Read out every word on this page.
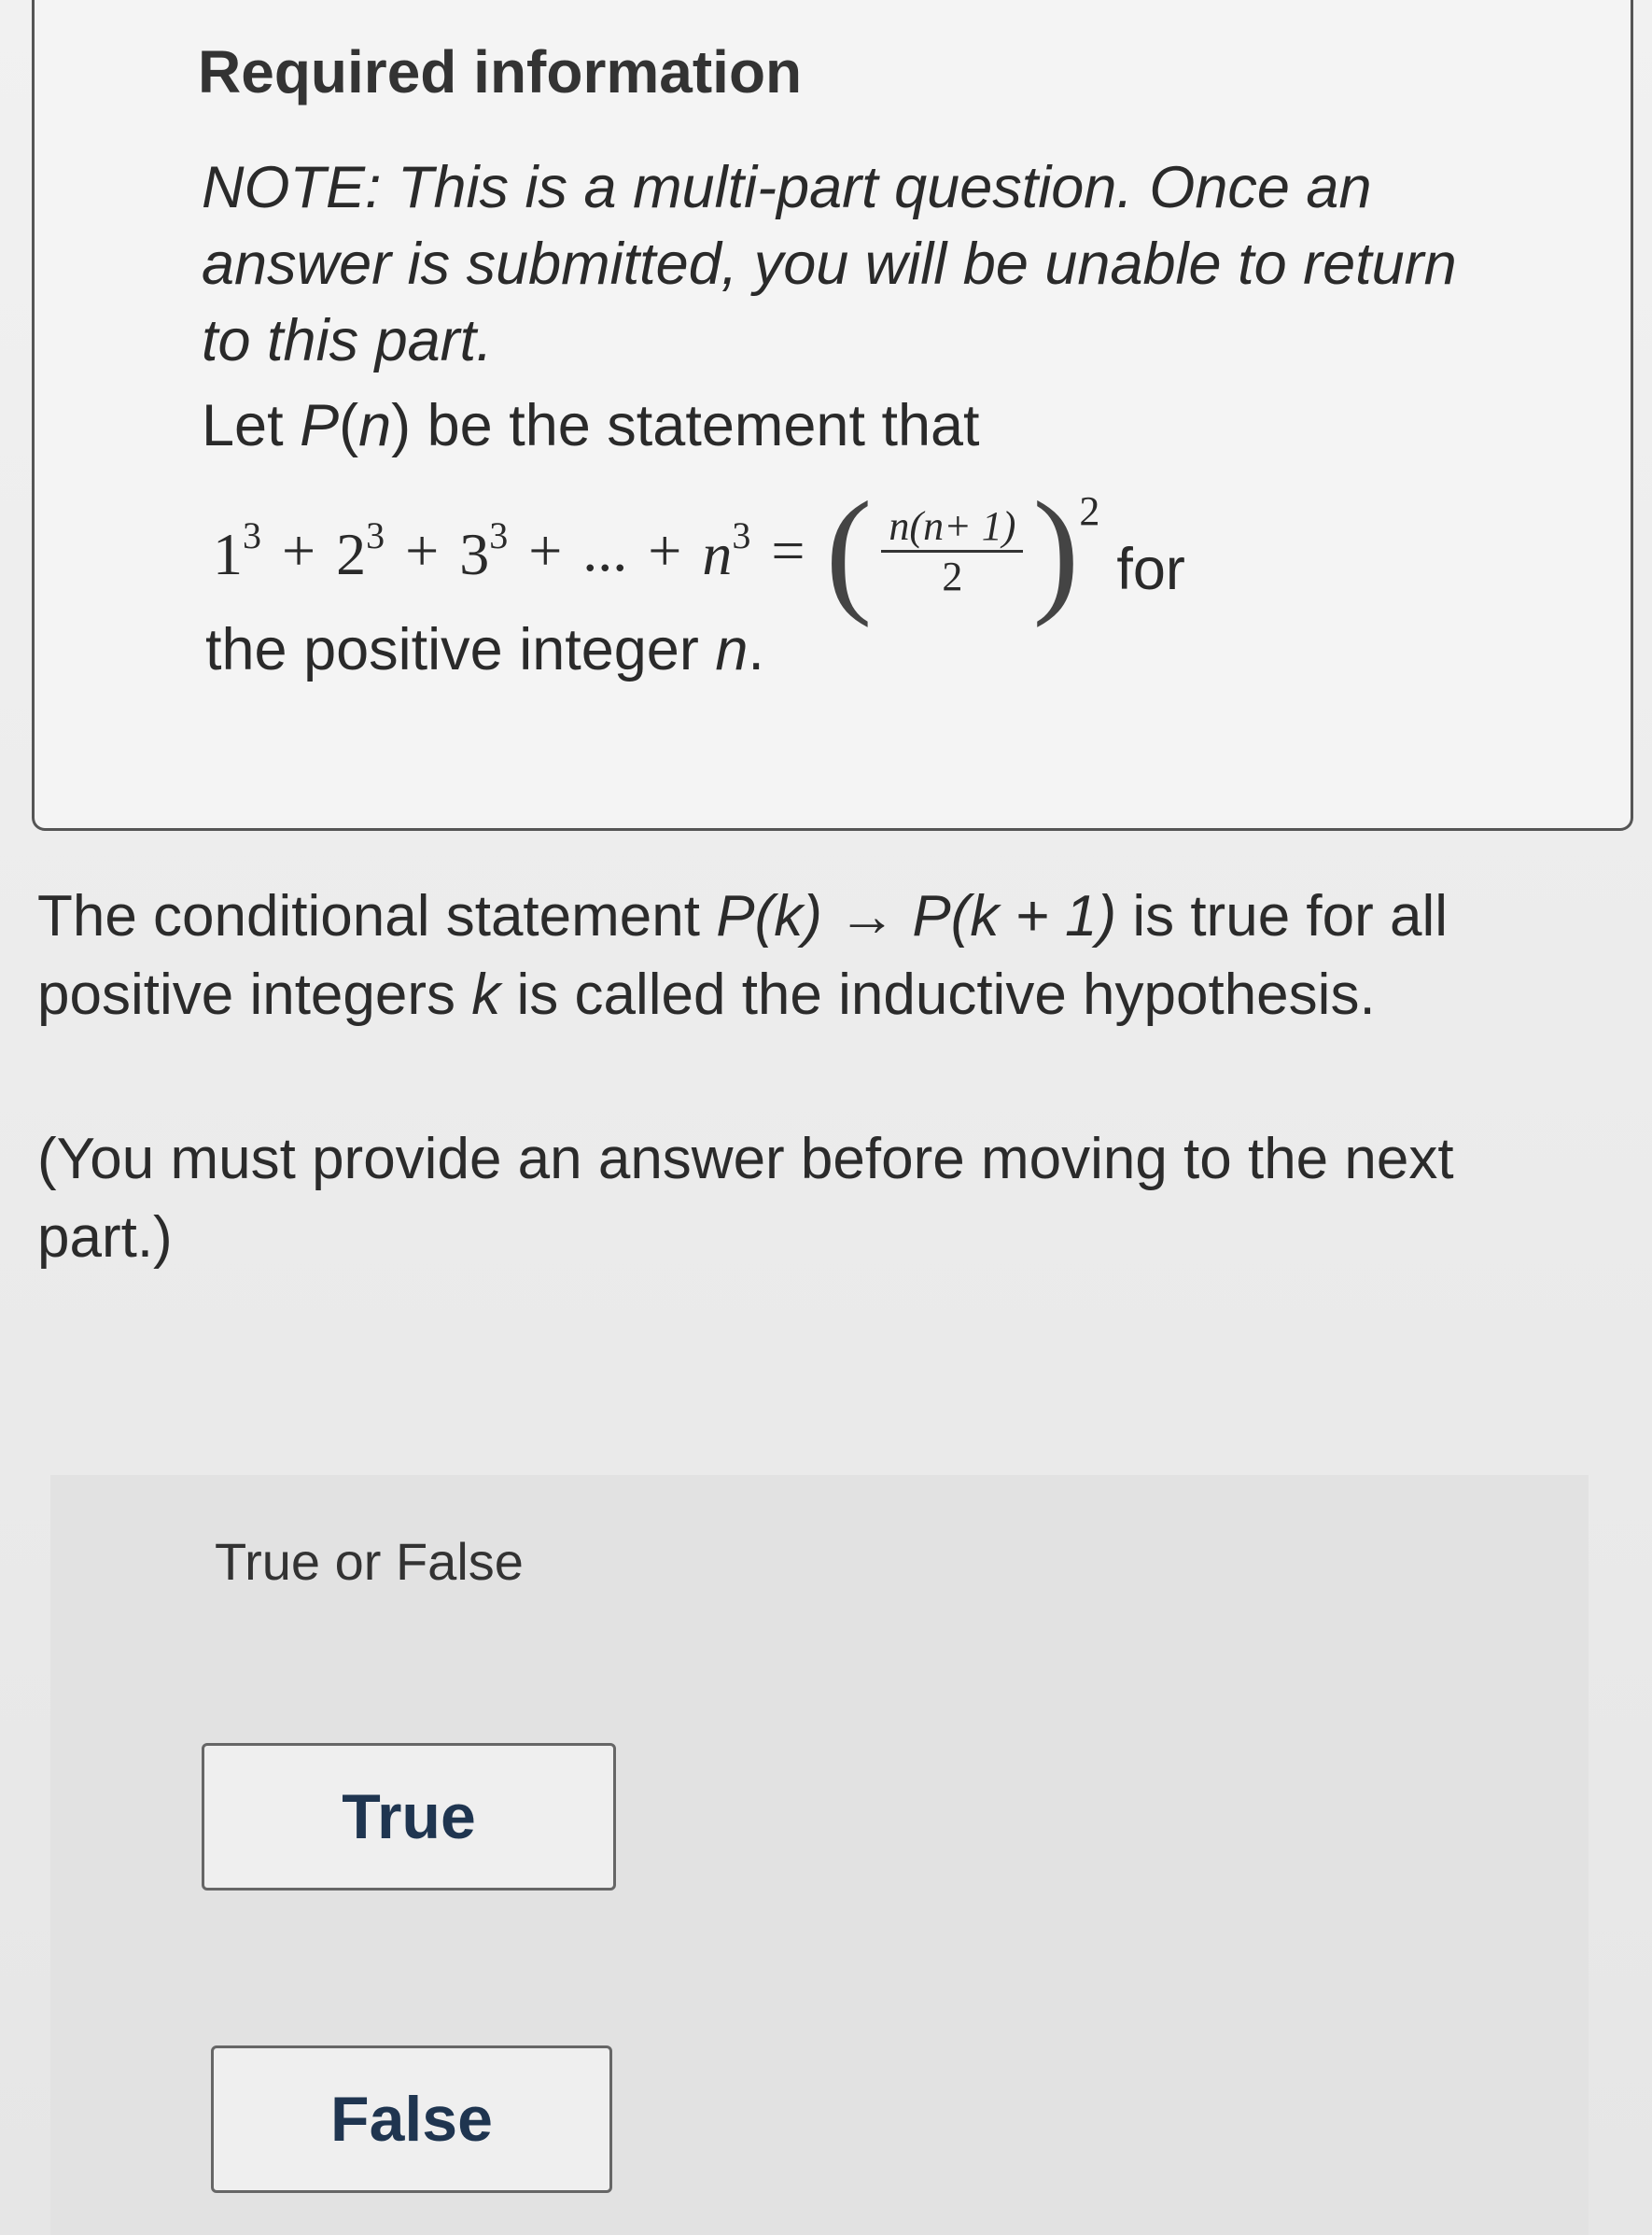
Required information

NOTE: This is a multi-part question. Once an answer is submitted, you will be unable to return to this part.

Let P(n) be the statement that

$1^3 + 2^3 + 3^3$ + ... + $n^3$ = ( $\frac{n(n+ 1)}{2}$ ) 2
for

the positive integer n.

The conditional statement P(k) → P(k + 1) is true for all positive integers k is called the inductive hypothesis.

(You must provide an answer before moving to the next part.)

True or False

True
False
